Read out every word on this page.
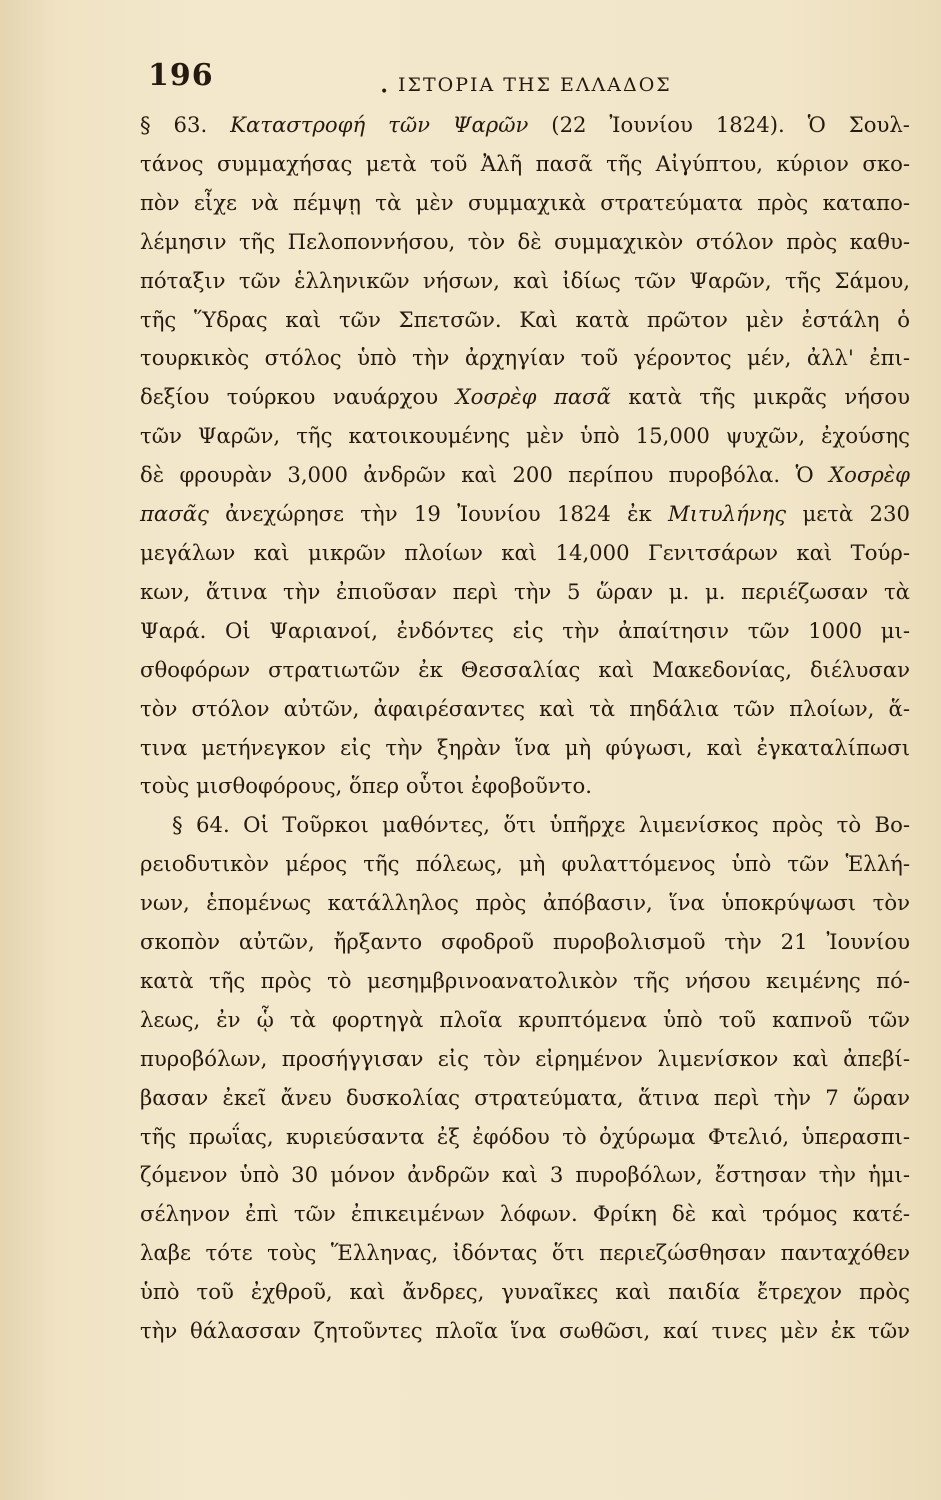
196	• ΙΣΤΟΡΙΑ ΤΗΣ ΕΛΛΑΔΟΣ
§ 63. Καταστροφή τῶν Ψαρῶν (22 Ἰουνίου 1824). Ὁ Σουλ-
τάνος συμμαχήσας μετὰ τοῦ Ἀλῆ πασᾶ τῆς Αἰγύπτου, κύριον σκο-
πὸν εἶχε νὰ πέμψῃ τὰ μὲν συμμαχικὰ στρατεύματα πρὸς καταπο-
λέμησιν τῆς Πελοποννήσου, τὸν δὲ συμμαχικὸν στόλον πρὸς καθυ-
πόταξιν τῶν ἑλληνικῶν νήσων, καὶ ἰδίως τῶν Ψαρῶν, τῆς Σάμου,
τῆς Ὕδρας καὶ τῶν Σπετσῶν. Καὶ κατὰ πρῶτον μὲν ἐστάλη ὁ
τουρκικὸς στόλος ὑπὸ τὴν ἀρχηγίαν τοῦ γέροντος μέν, ἀλλ' ἐπι-
δεξίου τούρκου ναυάρχου Χοσρὲφ πασᾶ κατὰ τῆς μικρᾶς νήσου
τῶν Ψαρῶν, τῆς κατοικουμένης μὲν ὑπὸ 15,000 ψυχῶν, ἐχούσης
δὲ φρουρὰν 3,000 ἀνδρῶν καὶ 200 περίπου πυροβόλα. Ὁ Χοσρὲφ
πασᾶς ἀνεχώρησε τὴν 19 Ἰουνίου 1824 ἐκ Μιτυλήνης μετὰ 230
μεγάλων καὶ μικρῶν πλοίων καὶ 14,000 Γενιτσάρων καὶ Τούρ-
κων, ἅτινα τὴν ἐπιοῦσαν περὶ τὴν 5 ὥραν μ. μ. περιέζωσαν τὰ
Ψαρά. Οἱ Ψαριανοί, ἐνδόντες εἰς τὴν ἀπαίτησιν τῶν 1000 μι-
σθοφόρων στρατιωτῶν ἐκ Θεσσαλίας καὶ Μακεδονίας, διέλυσαν
τὸν στόλον αὐτῶν, ἀφαιρέσαντες καὶ τὰ πηδάλια τῶν πλοίων, ἅ-
τινα μετήνεγκον εἰς τὴν ξηρὰν ἵνα μὴ φύγωσι, καὶ ἐγκαταλίπωσι
τοὺς μισθοφόρους, ὅπερ οὗτοι ἐφοβοῦντο.
§ 64. Οἱ Τοῦρκοι μαθόντες, ὅτι ὑπῆρχε λιμενίσκος πρὸς τὸ Βο-
ρειοδυτικὸν μέρος τῆς πόλεως, μὴ φυλαττόμενος ὑπὸ τῶν Ἑλλή-
νων, ἑπομένως κατάλληλος πρὸς ἀπόβασιν, ἵνα ὑποκρύψωσι τὸν
σκοπὸν αὐτῶν, ἤρξαντο σφοδροῦ πυροβολισμοῦ τὴν 21 Ἰουνίου
κατὰ τῆς πρὸς τὸ μεσημβρινοανατολικὸν τῆς νήσου κειμένης πό-
λεως, ἐν ᾧ τὰ φορτηγὰ πλοῖα κρυπτόμενα ὑπὸ τοῦ καπνοῦ τῶν
πυροβόλων, προσήγγισαν εἰς τὸν εἰρημένον λιμενίσκον καὶ ἀπεβί-
βασαν ἐκεῖ ἄνευ δυσκολίας στρατεύματα, ἅτινα περὶ τὴν 7 ὥραν
τῆς πρωΐας, κυριεύσαντα ἐξ ἐφόδου τὸ ὀχύρωμα Φτελιό, ὑπερασπι-
ζόμενον ὑπὸ 30 μόνον ἀνδρῶν καὶ 3 πυροβόλων, ἔστησαν τὴν ἡμι-
σέληνον ἐπὶ τῶν ἐπικειμένων λόφων. Φρίκη δὲ καὶ τρόμος κατέ-
λαβε τότε τοὺς Ἕλληνας, ἰδόντας ὅτι περιεζώσθησαν πανταχόθεν
ὑπὸ τοῦ ἐχθροῦ, καὶ ἄνδρες, γυναῖκες καὶ παιδία ἔτρεχον πρὸς
τὴν θάλασσαν ζητοῦντες πλοῖα ἵνα σωθῶσι, καί τινες μὲν ἐκ τῶν
